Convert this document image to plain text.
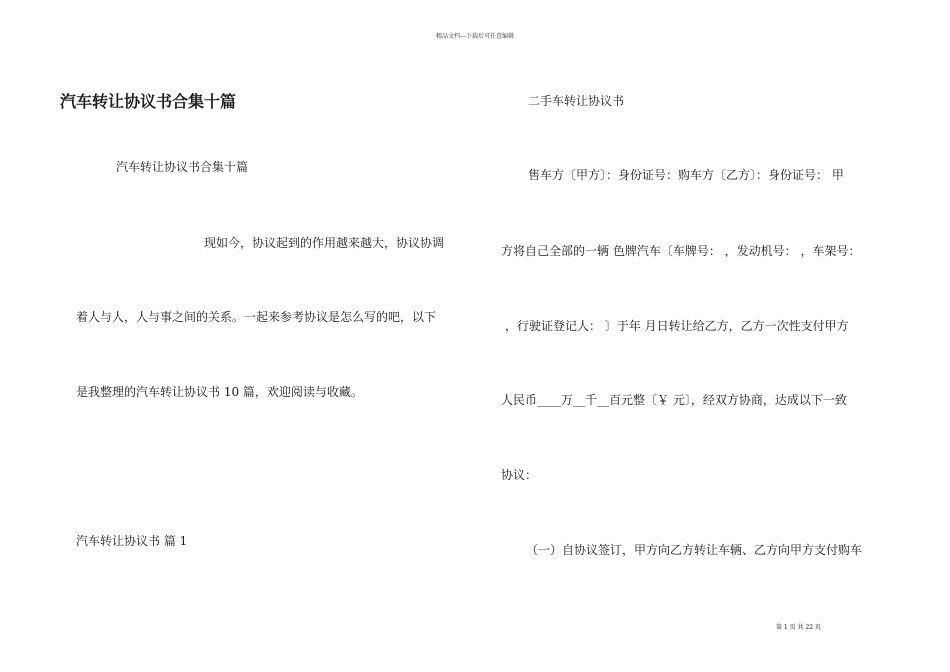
精品文档---下载后可任意编辑
汽车转让协议书合集十篇
汽车转让协议书合集十篇
现如今，协议起到的作用越来越大，协议协调
着人与人，人与事之间的关系。一起来参考协议是怎么写的吧，以下
是我整理的汽车转让协议书 10 篇，欢迎阅读与收藏。
汽车转让协议书 篇 1
二手车转让协议书
售车方〔甲方〕：身份证号：购车方〔乙方〕：身份证号： 甲
方将自己全部的一辆 色牌汽车〔车牌号： ，发动机号： ，车架号：
，行驶证登记人： 〕于年 月日转让给乙方，乙方一次性支付甲方
人民币____万__千__百元整〔￥ 元〕，经双方协商，达成以下一致
协议：
（一）自协议签订，甲方向乙方转让车辆、乙方向甲方支付购车
第 1 页 共 22 页
